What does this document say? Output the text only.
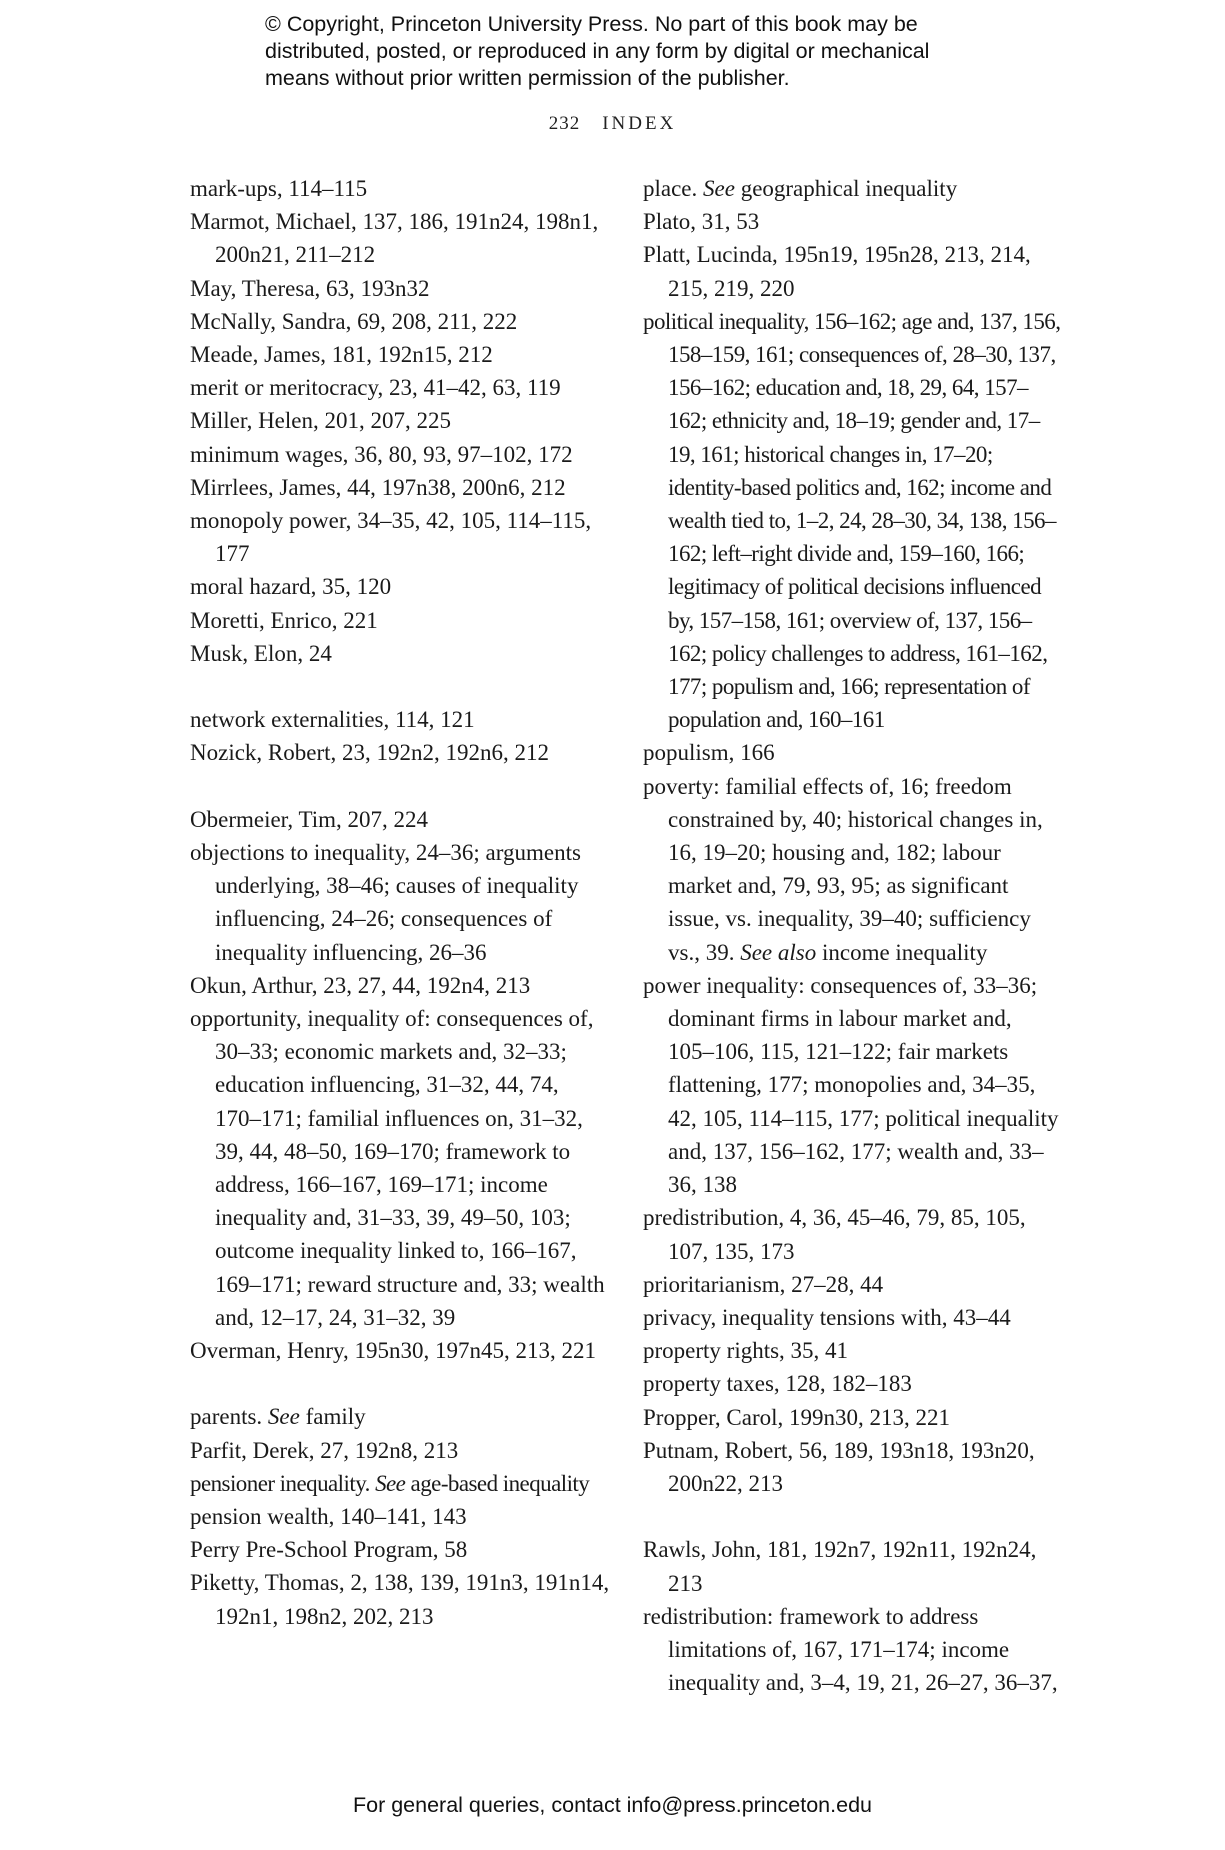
© Copyright, Princeton University Press. No part of this book may be

distributed, posted, or reproduced in any form by digital or mechanical

means without prior written permission of the publisher.

232 INDEX

mark-ups, 114–115

Marmot, Michael, 137, 186, 191n24, 198n1, 200n21, 211–212

May, Theresa, 63, 193n32

McNally, Sandra, 69, 208, 211, 222

Meade, James, 181, 192n15, 212

merit or meritocracy, 23, 41–42, 63, 119

Miller, Helen, 201, 207, 225

minimum wages, 36, 80, 93, 97–102, 172

Mirrlees, James, 44, 197n38, 200n6, 212

monopoly power, 34–35, 42, 105, 114–115, 177

moral hazard, 35, 120

Moretti, Enrico, 221

Musk, Elon, 24

network externalities, 114, 121

Nozick, Robert, 23, 192n2, 192n6, 212

Obermeier, Tim, 207, 224

objections to inequality, 24–36; arguments underlying, 38–46; causes of inequality influencing, 24–26; consequences of inequality influencing, 26–36

Okun, Arthur, 23, 27, 44, 192n4, 213

opportunity, inequality of: consequences of, 30–33; economic markets and, 32–33; education influencing, 31–32, 44, 74, 170–171; familial influences on, 31–32, 39, 44, 48–50, 169–170; framework to address, 166–167, 169–171; income inequality and, 31–33, 39, 49–50, 103; outcome inequality linked to, 166–167, 169–171; reward structure and, 33; wealth and, 12–17, 24, 31–32, 39

Overman, Henry, 195n30, 197n45, 213, 221

parents. See family

Parfit, Derek, 27, 192n8, 213

pensioner inequality. See age-based inequality

pension wealth, 140–141, 143

Perry Pre-School Program, 58

Piketty, Thomas, 2, 138, 139, 191n3, 191n14, 192n1, 198n2, 202, 213

place. See geographical inequality

Plato, 31, 53

Platt, Lucinda, 195n19, 195n28, 213, 214, 215, 219, 220

political inequality, 156–162; age and, 137, 156, 158–159, 161; consequences of, 28–30, 137, 156–162; education and, 18, 29, 64, 157–162; ethnicity and, 18–19; gender and, 17–19, 161; historical changes in, 17–20; identity-based politics and, 162; income and wealth tied to, 1–2, 24, 28–30, 34, 138, 156–162; left–right divide and, 159–160, 166; legitimacy of political decisions influenced by, 157–158, 161; overview of, 137, 156–162; policy challenges to address, 161–162, 177; populism and, 166; representation of population and, 160–161

populism, 166

poverty: familial effects of, 16; freedom constrained by, 40; historical changes in, 16, 19–20; housing and, 182; labour market and, 79, 93, 95; as significant issue, vs. inequality, 39–40; sufficiency vs., 39. See also income inequality

power inequality: consequences of, 33–36; dominant firms in labour market and, 105–106, 115, 121–122; fair markets flattening, 177; monopolies and, 34–35, 42, 105, 114–115, 177; political inequality and, 137, 156–162, 177; wealth and, 33–36, 138

predistribution, 4, 36, 45–46, 79, 85, 105, 107, 135, 173

prioritarianism, 27–28, 44

privacy, inequality tensions with, 43–44

property rights, 35, 41

property taxes, 128, 182–183

Propper, Carol, 199n30, 213, 221

Putnam, Robert, 56, 189, 193n18, 193n20, 200n22, 213

Rawls, John, 181, 192n7, 192n11, 192n24, 213

redistribution: framework to address limitations of, 167, 171–174; income inequality and, 3–4, 19, 21, 26–27, 36–37,

For general queries, contact info@press.princeton.edu
